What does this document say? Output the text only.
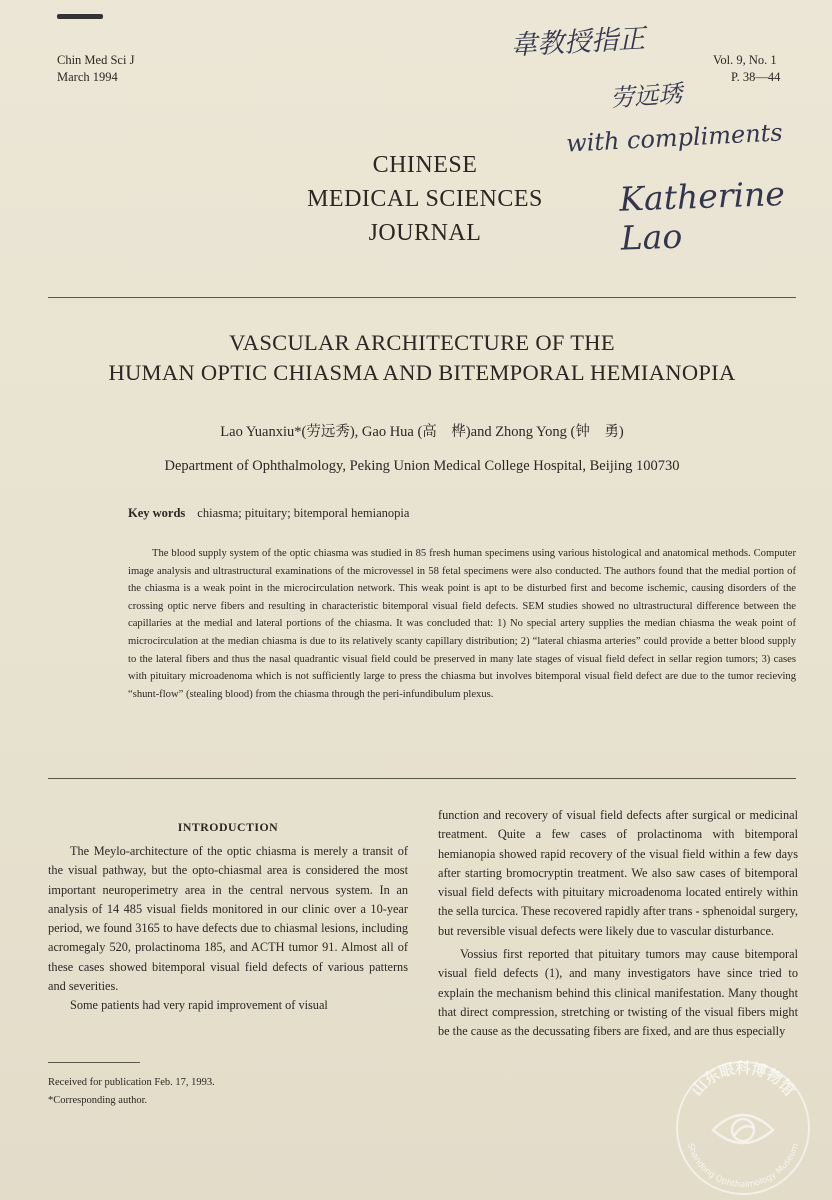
Chin Med Sci J
March 1994
Vol. 9, No. 1
P. 38—44
CHINESE
MEDICAL SCIENCES
JOURNAL
韋教授指正
劳远琇
with compliments
Katherine Lao
VASCULAR ARCHITECTURE OF THE
HUMAN OPTIC CHIASMA AND BITEMPORAL HEMIANOPIA
Lao Yuanxiu*(劳远秀), Gao Hua (高　桦)and Zhong Yong (钟　勇)
Department of Ophthalmology, Peking Union Medical College Hospital, Beijing 100730
Key words chiasma; pituitary; bitemporal hemianopia
The blood supply system of the optic chiasma was studied in 85 fresh human specimens using various histological and anatomical methods. Computer image analysis and ultrastructural examinations of the microvessel in 58 fetal specimens were also conducted. The authors found that the medial portion of the chiasma is a weak point in the microcirculation network. This weak point is apt to be disturbed first and become ischemic, causing disorders of the crossing optic nerve fibers and resulting in characteristic bitemporal visual field defects. SEM studies showed no ultrastructural difference between the capillaries at the medial and lateral portions of the chiasma. It was concluded that: 1) No special artery supplies the median chiasma the weak point of microcirculation at the median chiasma is due to its relatively scanty capillary distribution; 2) “lateral chiasma arteries” could provide a better blood supply to the lateral fibers and thus the nasal quadrantic visual field could be preserved in many late stages of visual field defect in sellar region tumors; 3) cases with pituitary microadenoma which is not sufficiently large to press the chiasma but involves bitemporal visual field defect are due to the tumor recieving “shunt-flow” (stealing blood) from the chiasma through the peri-infundibulum plexus.
INTRODUCTION

The Meylo-architecture of the optic chiasma is merely a transit of the visual pathway, but the opto-chiasmal area is considered the most important neuroperimetry area in the central nervous system. In an analysis of 14 485 visual fields monitored in our clinic over a 10-year period, we found 3165 to have defects due to chiasmal lesions, including acromegaly 520, prolactinoma 185, and ACTH tumor 91. Almost all of these cases showed bitemporal visual field defects of various patterns and severities.

Some patients had very rapid improvement of visual

function and recovery of visual field defects after surgical or medicinal treatment. Quite a few cases of prolactinoma with bitemporal hemianopia showed rapid recovery of the visual field within a few days after starting bromocryptin treatment. We also saw cases of bitemporal visual field defects with pituitary microadenoma located entirely within the sella turcica. These recovered rapidly after trans - sphenoidal surgery, but reversible visual defects were likely due to vascular disturbance.

Vossius first reported that pituitary tumors may cause bitemporal visual field defects (1), and many investigators have since tried to explain the mechanism behind this clinical manifestation. Many thought that direct compression, stretching or twisting of the visual fibers might be the cause as the decussating fibers are fixed, and are thus especially

Received for publication Feb. 17, 1993.
*Corresponding author.
山东眼科博物馆
Shandong Ophthalmology Museum
